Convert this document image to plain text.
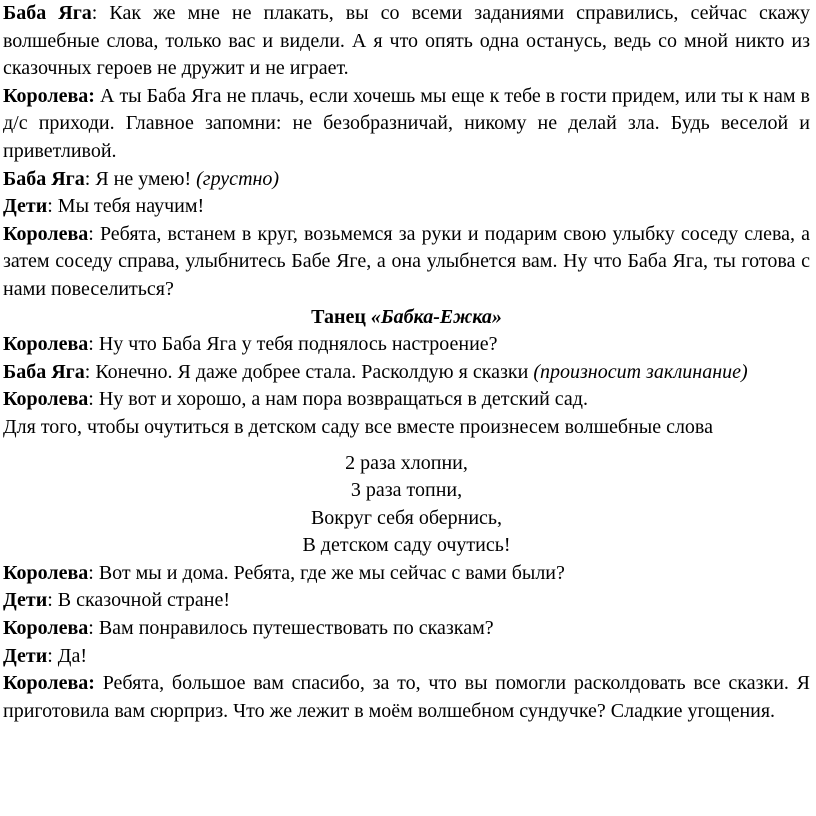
Баба Яга: Как же мне не плакать, вы со всеми заданиями справились, сейчас скажу волшебные слова, только вас и видели. А я что опять одна останусь, ведь со мной никто из сказочных героев не дружит и не играет.

Королева: А ты Баба Яга не плачь, если хочешь мы еще к тебе в гости придем, или ты к нам в д/с приходи. Главное запомни: не безобразничай, никому не делай зла. Будь веселой и приветливой.

Баба Яга: Я не умею! (грустно)

Дети: Мы тебя научим!

Королева: Ребята, встанем в круг, возьмемся за руки и подарим свою улыбку соседу слева, а затем соседу справа, улыбнитесь Бабе Яге, а она улыбнется вам. Ну что Баба Яга, ты готова с нами повеселиться?

Танец «Бабка-Ежка»

Королева: Ну что Баба Яга у тебя поднялось настроение?

Баба Яга: Конечно. Я даже добрее стала. Расколдую я сказки (произносит заклинание)

Королева: Ну вот и хорошо, а нам пора возвращаться в детский сад.

Для того, чтобы очутиться в детском саду все вместе произнесем волшебные слова

2 раза хлопни,

3 раза топни,

Вокруг себя обернись,

В детском саду очутись!

Королева: Вот мы и дома. Ребята, где же мы сейчас с вами были?

Дети: В сказочной стране!

Королева: Вам понравилось путешествовать по сказкам?

Дети: Да!

Королева: Ребята, большое вам спасибо, за то, что вы помогли расколдовать все сказки. Я приготовила вам сюрприз. Что же лежит в моём волшебном сундучке? Сладкие угощения.
